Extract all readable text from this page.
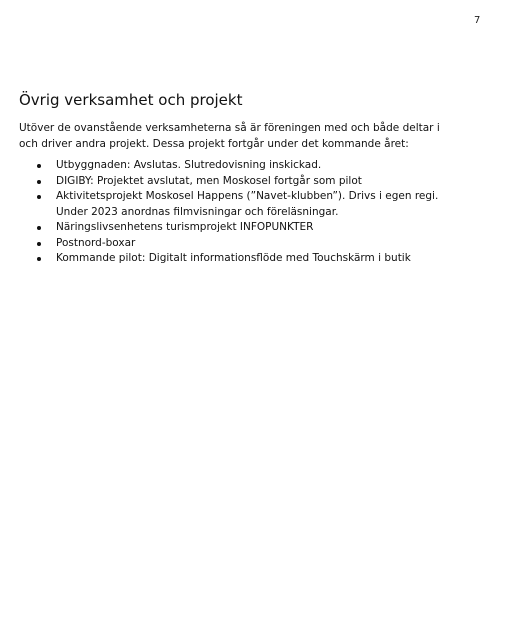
7
Övrig verksamhet och projekt

Utöver de ovanstående verksamheterna så är föreningen med och både deltar i
och driver andra projekt. Dessa projekt fortgår under det kommande året:

Utbyggnaden: Avslutas. Slutredovisning inskickad.
DIGIBY: Projektet avslutat, men Moskosel fortgår som pilot
Aktivitetsprojekt Moskosel Happens (”Navet-klubben”). Drivs i egen regi.
Under 2023 anordnas filmvisningar och föreläsningar.
Näringslivsenhetens turismprojekt INFOPUNKTER
Postnord-boxar
Kommande pilot: Digitalt informationsflöde med Touchskärm i butik
